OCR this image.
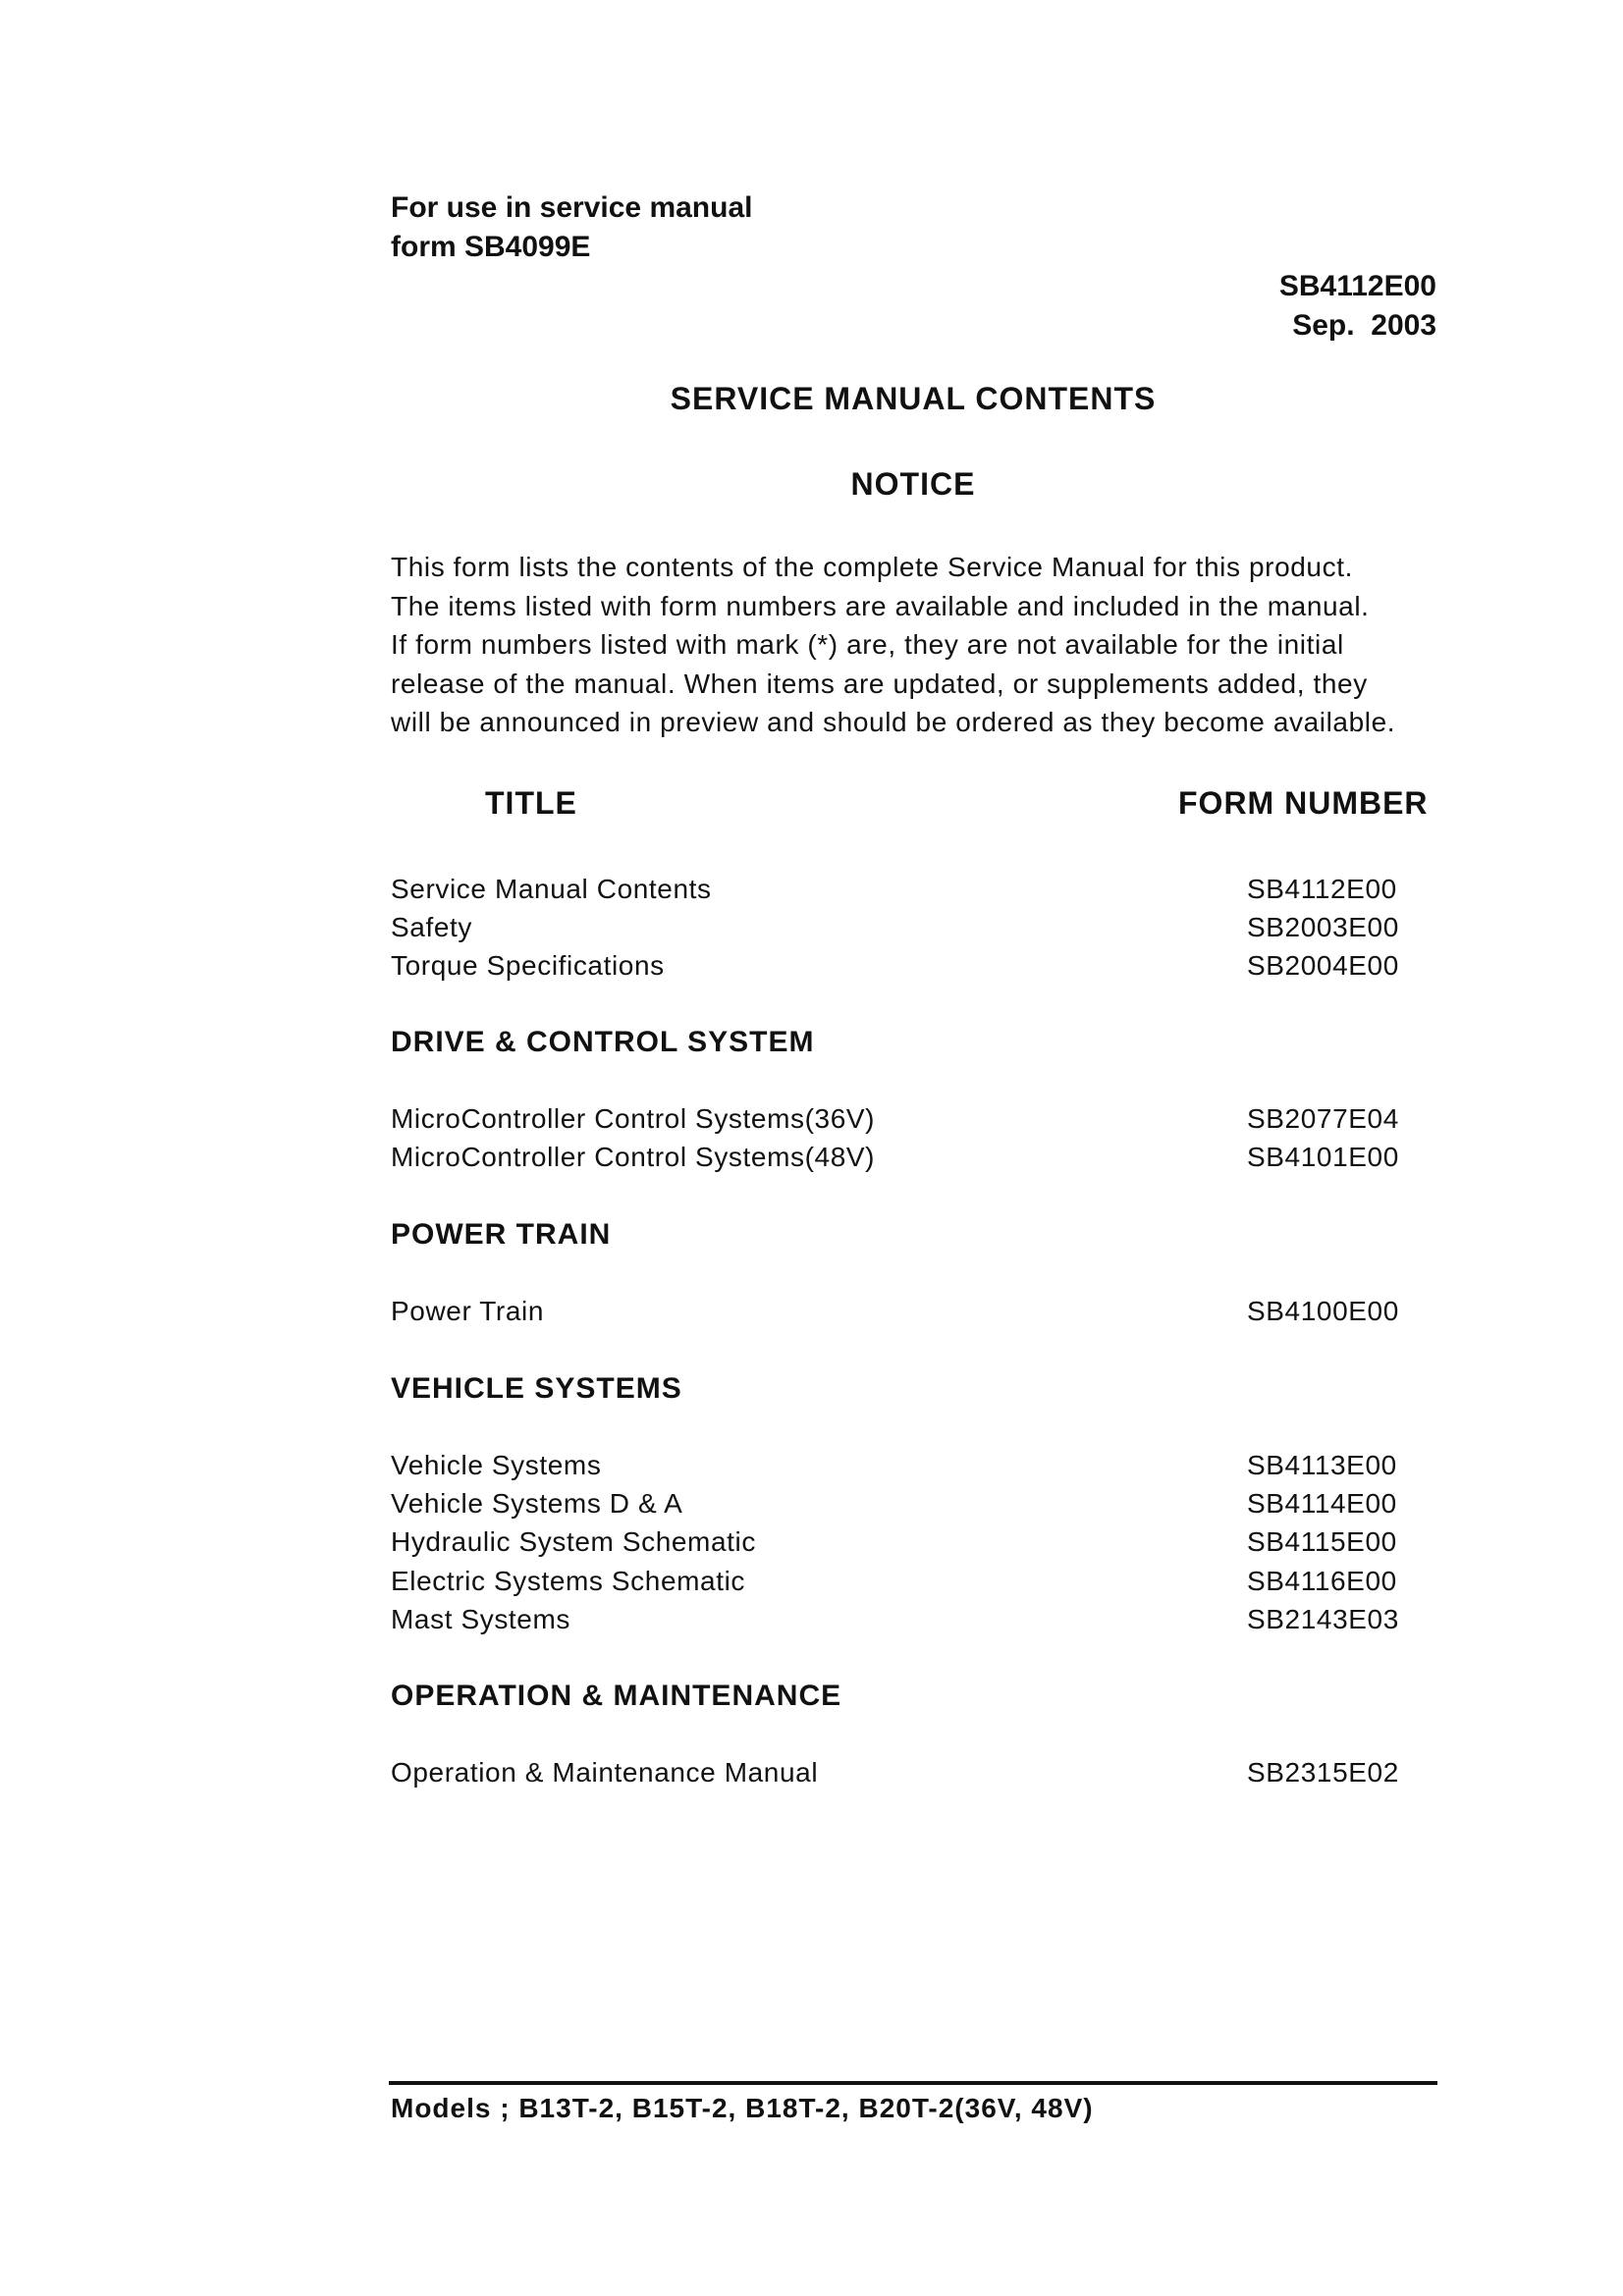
For use in service manual
form SB4099E
SB4112E00
Sep.  2003
SERVICE MANUAL CONTENTS
NOTICE
This form lists the contents of the complete Service Manual for this product.
The items listed with form numbers are available and included in the manual.
If form numbers listed with mark (*) are, they are not available for the initial
release of the manual. When items are updated, or supplements added, they
will be announced in preview and should be ordered as they become available.
TITLE	FORM NUMBER
Service Manual Contents	SB4112E00
Safety	SB2003E00
Torque Specifications	SB2004E00
DRIVE & CONTROL SYSTEM
MicroController Control Systems(36V)	SB2077E04
MicroController Control Systems(48V)	SB4101E00
POWER TRAIN
Power Train	SB4100E00
VEHICLE SYSTEMS
Vehicle Systems	SB4113E00
Vehicle Systems D & A	SB4114E00
Hydraulic System Schematic	SB4115E00
Electric Systems Schematic	SB4116E00
Mast Systems	SB2143E03
OPERATION & MAINTENANCE
Operation & Maintenance Manual	SB2315E02
Models ; B13T-2, B15T-2, B18T-2, B20T-2(36V, 48V)
